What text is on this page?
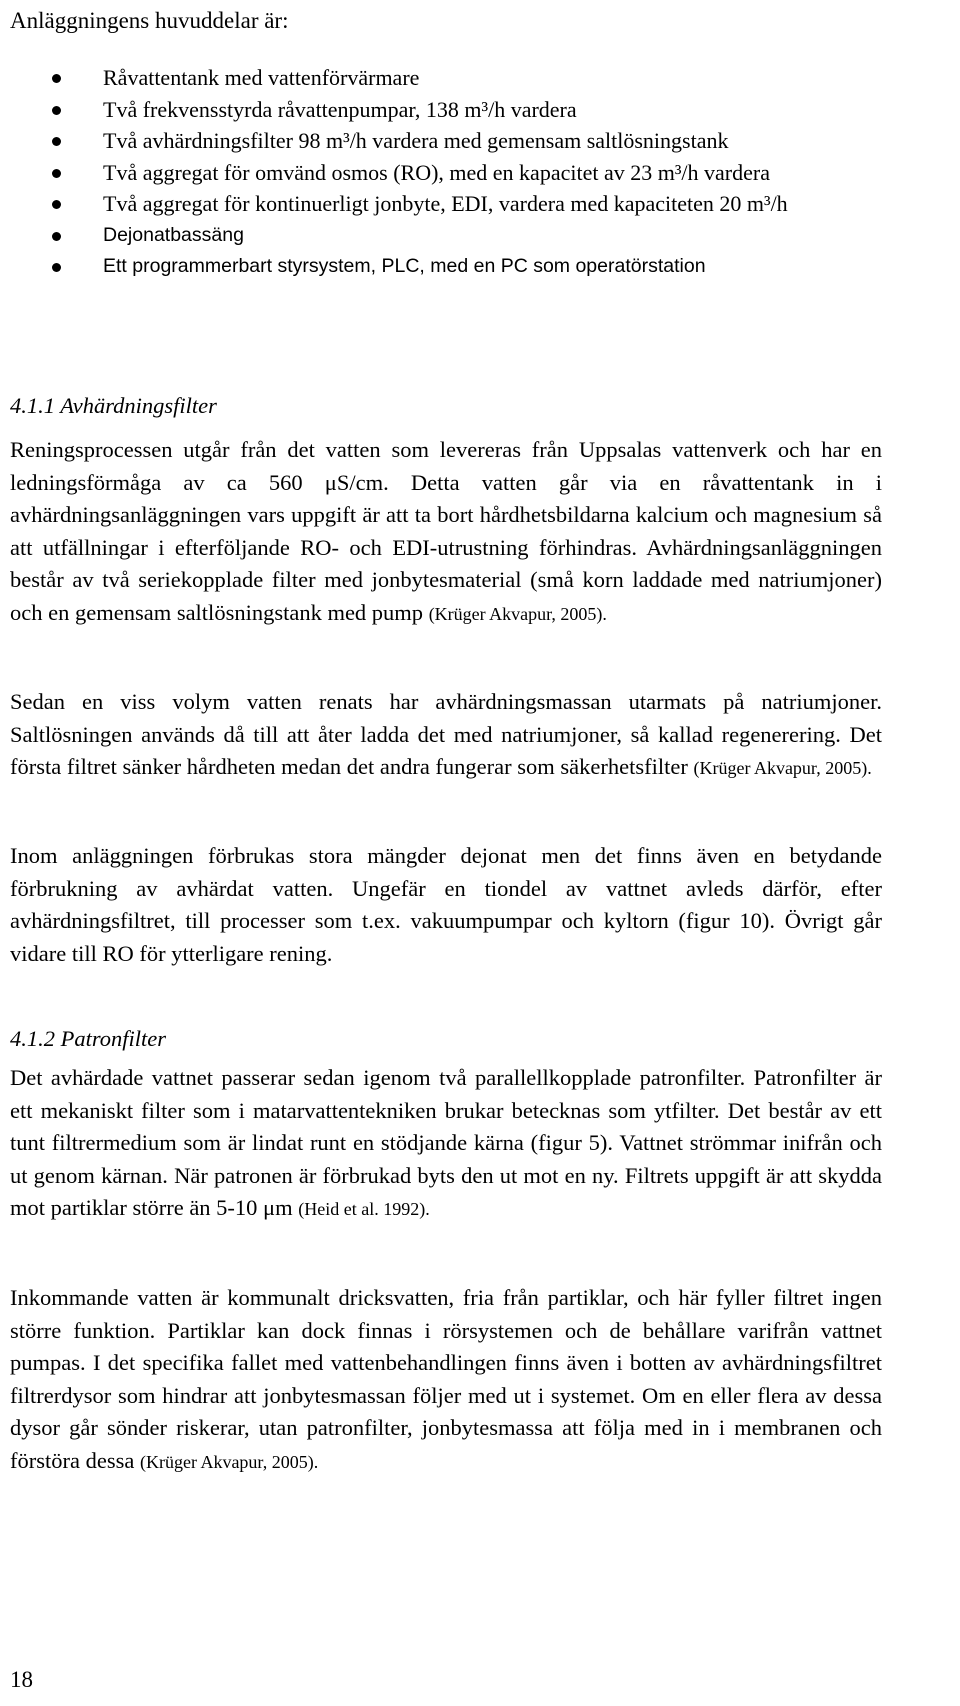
Anläggningens huvuddelar är:
Råvattentank med vattenförvärmare
Två frekvensstyrda råvattenpumpar, 138 m³/h vardera
Två avhärdningsfilter 98 m³/h vardera med gemensam saltlösningstank
Två aggregat för omvänd osmos (RO), med en kapacitet av 23 m³/h vardera
Två aggregat för kontinuerligt jonbyte, EDI, vardera med kapaciteten 20 m³/h
Dejonatbassäng
Ett programmerbart styrsystem, PLC, med en PC som operatörstation
4.1.1 Avhärdningsfilter

Reningsprocessen utgår från det vatten som levereras från Uppsalas vattenverk och har en ledningsförmåga av ca 560 μS/cm. Detta vatten går via en råvattentank in i avhärdningsanläggningen vars uppgift är att ta bort hårdhetsbildarna kalcium och magnesium så att utfällningar i efterföljande RO- och EDI-utrustning förhindras. Avhärdningsanläggningen består av två seriekopplade filter med jonbytesmaterial (små korn laddade med natriumjoner) och en gemensam saltlösningstank med pump (Krüger Akvapur, 2005).

Sedan en viss volym vatten renats har avhärdningsmassan utarmats på natriumjoner. Saltlösningen används då till att åter ladda det med natriumjoner, så kallad regenerering. Det första filtret sänker hårdheten medan det andra fungerar som säkerhetsfilter (Krüger Akvapur, 2005).

Inom anläggningen förbrukas stora mängder dejonat men det finns även en betydande förbrukning av avhärdat vatten. Ungefär en tiondel av vattnet avleds därför, efter avhärdningsfiltret, till processer som t.ex. vakuumpumpar och kyltorn (figur 10). Övrigt går vidare till RO för ytterligare rening.

4.1.2 Patronfilter

Det avhärdade vattnet passerar sedan igenom två parallellkopplade patronfilter. Patronfilter är ett mekaniskt filter som i matarvattentekniken brukar betecknas som ytfilter. Det består av ett tunt filtrermedium som är lindat runt en stödjande kärna (figur 5). Vattnet strömmar inifrån och ut genom kärnan. När patronen är förbrukad byts den ut mot en ny. Filtrets uppgift är att skydda mot partiklar större än 5-10 μm (Heid et al. 1992).

Inkommande vatten är kommunalt dricksvatten, fria från partiklar, och här fyller filtret ingen större funktion. Partiklar kan dock finnas i rörsystemen och de behållare varifrån vattnet pumpas. I det specifika fallet med vattenbehandlingen finns även i botten av avhärdningsfiltret filtrerdysor som hindrar att jonbytesmassan följer med ut i systemet. Om en eller flera av dessa dysor går sönder riskerar, utan patronfilter, jonbytesmassa att följa med in i membranen och förstöra dessa (Krüger Akvapur, 2005).

18
